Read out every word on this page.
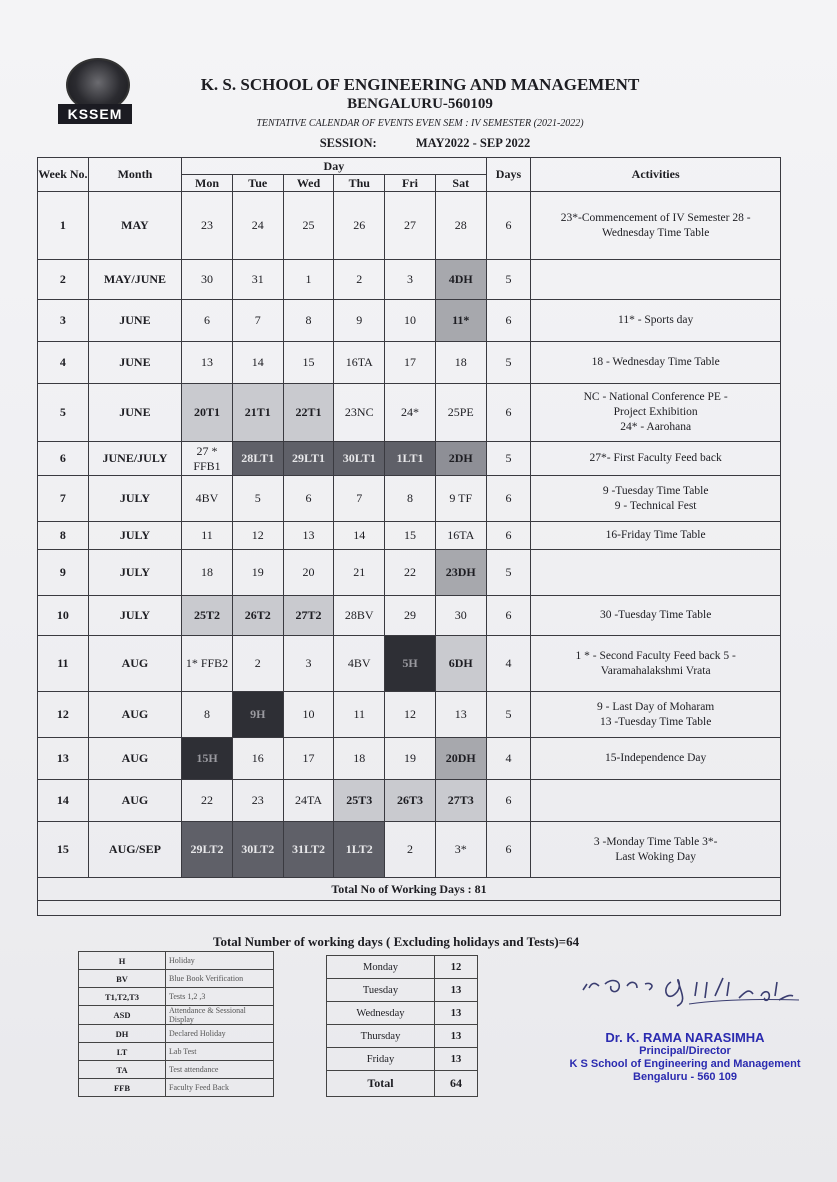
KSSEM
K. S. SCHOOL OF ENGINEERING AND MANAGEMENT
BENGALURU-560109
TENTATIVE CALENDAR OF EVENTS EVEN SEM : IV SEMESTER (2021-2022)
SESSION:	MAY2022 - SEP 2022
Week No.	Month	Day						Days	Activities
		Mon	Tue	Wed	Thu	Fri	Sat		
1	MAY	23	24	25	26	27	28	6	23*-Commencement of IV Semester 28 -
Wednesday Time Table

2	MAY/JUNE	30	31	1	2	3	4DH	5	
3	JUNE	6	7	8	9	10	11*	6	11* - Sports day

4	JUNE	13	14	15	16TA	17	18	5	18 - Wednesday Time Table

5	JUNE	20T1	21T1	22T1	23NC	24*	25PE	6	NC - National Conference PE -
Project Exhibition
24* - Aarohana

6	JUNE/JULY	27 * FFB1	28LT1	29LT1	30LT1	1LT1	2DH	5	27*- First Faculty Feed back

7	JULY	4BV	5	6	7	8	9 TF	6	9 -Tuesday Time Table
9 - Technical Fest

8	JULY	11	12	13	14	15	16TA	6	16-Friday Time Table

9	JULY	18	19	20	21	22	23DH	5	
10	JULY	25T2	26T2	27T2	28BV	29	30	6	30 -Tuesday Time Table

11	AUG	1* FFB2	2	3	4BV	5H	6DH	4	1 * - Second Faculty Feed back 5 -
Varamahalakshmi Vrata

12	AUG	8	9H	10	11	12	13	5	9 - Last Day of Moharam
13 -Tuesday Time Table

13	AUG	15H	16	17	18	19	20DH	4	15-Independence Day

14	AUG	22	23	24TA	25T3	26T3	27T3	6	
15	AUG/SEP	29LT2	30LT2	31LT2	1LT2	2	3*	6	3 -Monday Time Table 3*-
Last Woking Day

Total No of Working Days : 81									

Total Number of working days ( Excluding holidays and Tests)=64
H	Holiday
BV	Blue Book Verification
T1,T2,T3	Tests 1,2 ,3
ASD	Attendance & Sessional Display
DH	Declared Holiday
LT	Lab Test
TA	Test attendance
FFB	Faculty Feed Back
Monday	12
Tuesday	13
Wednesday	13
Thursday	13
Friday	13
Total	64
Dr. K. RAMA NARASIMHA
Principal/Director
K S School of Engineering and Management
Bengaluru - 560 109
